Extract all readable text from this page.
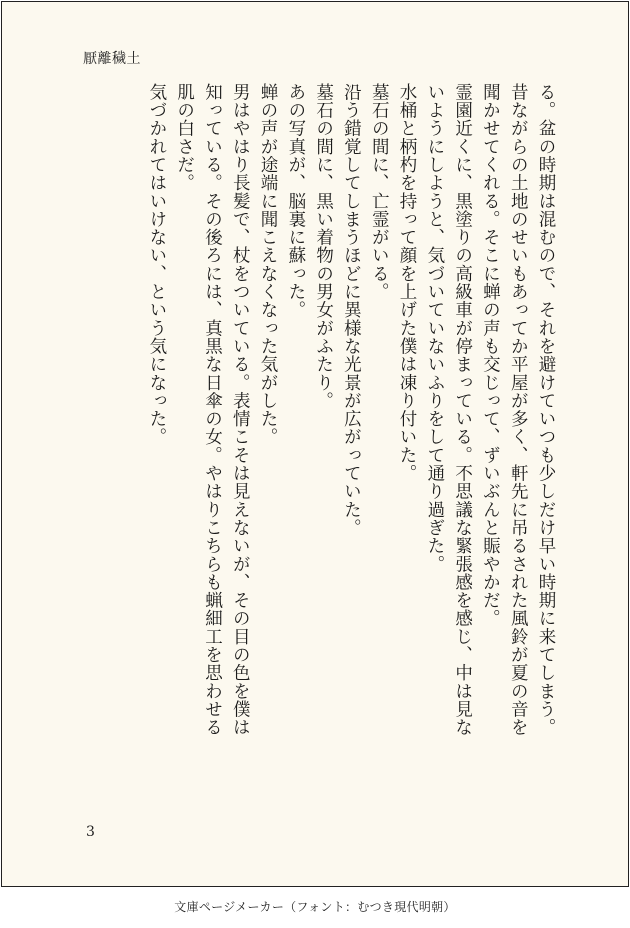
厭離穢土
る。盆の時期は混むので、それを避けていつも少しだけ早い時期に来てしまう。
昔ながらの土地のせいもあってか平屋が多く、軒先に吊るされた風鈴が夏の音を
聞かせてくれる。そこに蝉の声も交じって、ずいぶんと賑やかだ。
霊園近くに、黒塗りの高級車が停まっている。不思議な緊張感を感じ、中は見な
いようにしようと、気づいていないふりをして通り過ぎた。
水桶と柄杓を持って顔を上げた僕は凍り付いた。
墓石の間に、亡霊がいる。
沿う錯覚してしまうほどに異様な光景が広がっていた。
墓石の間に、黒い着物の男女がふたり。
あの写真が、脳裏に蘇った。
蝉の声が途端に聞こえなくなった気がした。
男はやはり長髪で、杖をついている。表情こそは見えないが、その目の色を僕は
知っている。その後ろには、真黒な日傘の女。やはりこちらも蝋細工を思わせる
肌の白さだ。
気づかれてはいけない、という気になった。
3
文庫ページメーカー（フォント：むつき現代明朝）
